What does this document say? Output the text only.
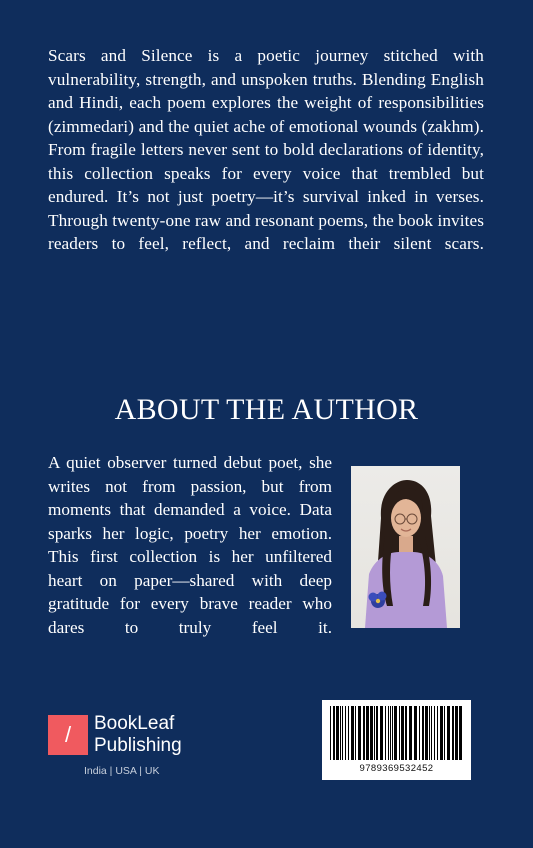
Scars and Silence is a poetic journey stitched with vulnerability, strength, and unspoken truths. Blending English and Hindi, each poem explores the weight of responsibilities (zimmedari) and the quiet ache of emotional wounds (zakhm). From fragile letters never sent to bold declarations of identity, this collection speaks for every voice that trembled but endured. It’s not just poetry—it’s survival inked in verses. Through twenty-one raw and resonant poems, the book invites readers to feel, reflect, and reclaim their silent scars.
ABOUT THE AUTHOR
A quiet observer turned debut poet, she writes not from passion, but from moments that demanded a voice. Data sparks her logic, poetry her emotion. This first collection is her unfiltered heart on paper—shared with deep gratitude for every brave reader who dares to truly feel it.
/	BookLeaf
Publishing
India | USA | UK	9789369532452
